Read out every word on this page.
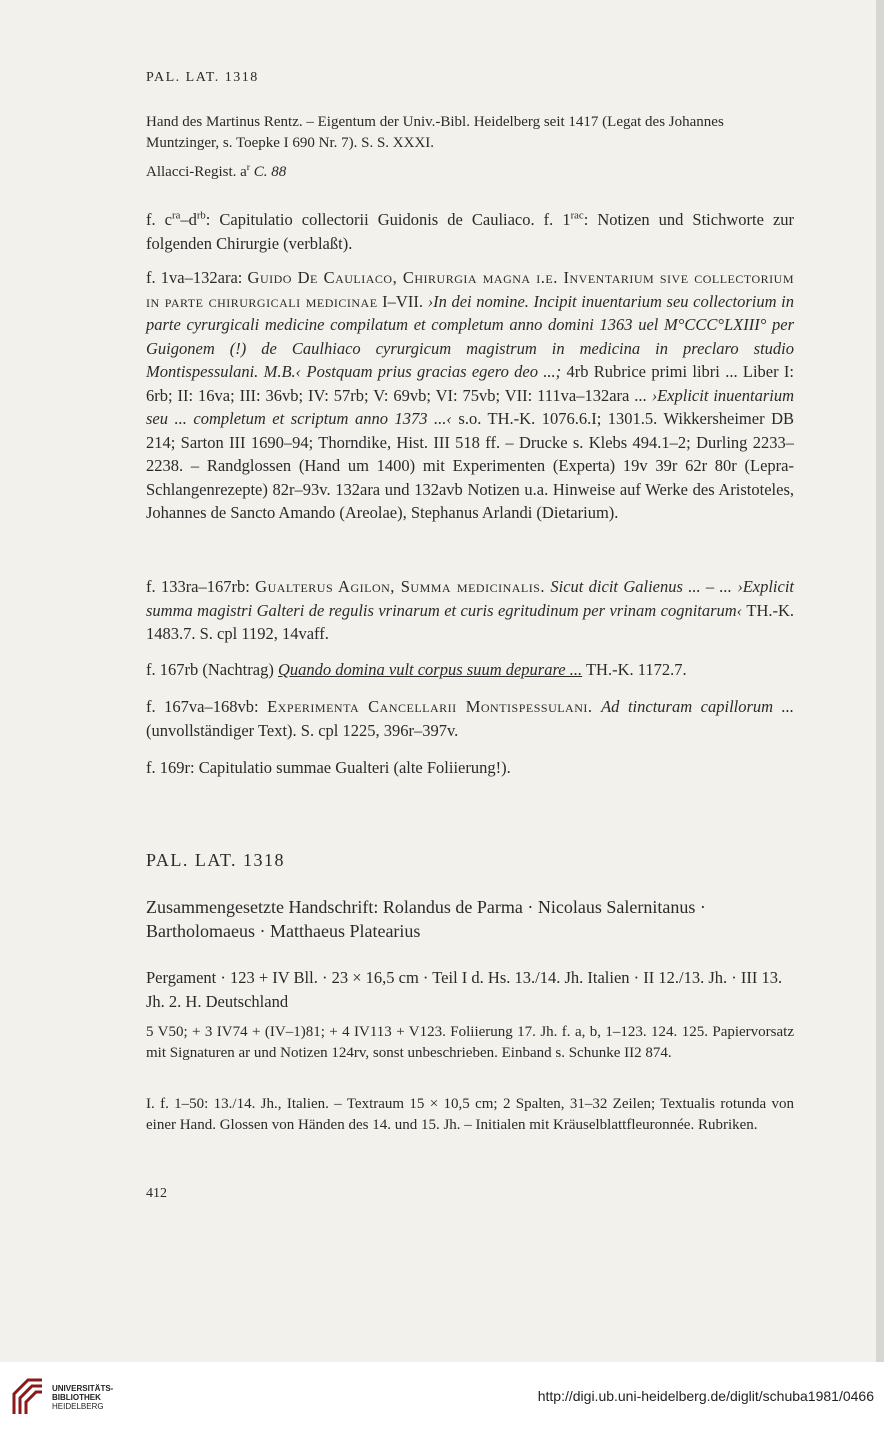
PAL. LAT. 1318
Hand des Martinus Rentz. – Eigentum der Univ.-Bibl. Heidelberg seit 1417 (Legat des Johannes Muntzinger, s. Toepke I 690 Nr. 7). S. S. XXXI.
Allacci-Regist. $a^r$ C. 88
f. $c^{ra}-d^{rb}$: Capitulatio collectorii Guidonis de Cauliaco. f. $1^{rac}$: Notizen und Stichworte zur folgenden Chirurgie (verblaßt).
f. 1va–132ara: Guido De Cauliaco, Chirurgia magna i.e. Inventarium sive collectorium in parte chirurgicali medicinae I–VII. ›In dei nomine. Incipit inuentarium seu collectorium in parte cyrurgicali medicine compilatum et completum anno domini 1363 uel M°CCC°LXIII° per Guigonem (!) de Caulhiaco cyrurgicum magistrum in medicina in preclaro studio Montispessulani. M.B.‹ Postquam prius gracias egero deo ...; 4rb Rubrice primi libri ... Liber I: 6rb; II: 16va; III: 36vb; IV: 57rb; V: 69vb; VI: 75vb; VII: 111va–132ara ... ›Explicit inuentarium seu ... completum et scriptum anno 1373 ...‹ s.o. TH.-K. 1076.6.I; 1301.5. Wikkersheimer DB 214; Sarton III 1690–94; Thorndike, Hist. III 518 ff. – Drucke s. Klebs 494.1–2; Durling 2233–2238. – Randglossen (Hand um 1400) mit Experimenten (Experta) 19v 39r 62r 80r (Lepra-Schlangenrezepte) 82r–93v. 132ara und 132avb Notizen u.a. Hinweise auf Werke des Aristoteles, Johannes de Sancto Amando (Areolae), Stephanus Arlandi (Dietarium).
f. 133ra–167rb: Gualterus Agilon, Summa medicinalis. Sicut dicit Galienus ... – ... ›Explicit summa magistri Galteri de regulis vrinarum et curis egritudinum per vrinam cognitarum‹ TH.-K. 1483.7. S. cpl 1192, 14vaff.
f. 167rb (Nachtrag) Quando domina vult corpus suum depurare ... TH.-K. 1172.7.
f. 167va–168vb: Experimenta Cancellarii Montispessulani. Ad tincturam capillorum ... (unvollständiger Text). S. cpl 1225, 396r–397v.
f. 169r: Capitulatio summae Gualteri (alte Foliierung!).
PAL. LAT. 1318
Zusammengesetzte Handschrift: Rolandus de Parma · Nicolaus Salernitanus · Bartholomaeus · Matthaeus Platearius
Pergament · 123 + IV Bll. · 23 × 16,5 cm · Teil I d. Hs. 13./14. Jh. Italien · II 12./13. Jh. · III 13. Jh. 2. H. Deutschland
5 V50; + 3 IV74 + (IV–1)81; + 4 IV113 + V123. Foliierung 17. Jh. f. a, b, 1–123. 124. 125. Papiervorsatz mit Signaturen ar und Notizen 124rv, sonst unbeschrieben. Einband s. Schunke II2 874.
I. f. 1–50: 13./14. Jh., Italien. – Textraum 15 × 10,5 cm; 2 Spalten, 31–32 Zeilen; Textualis rotunda von einer Hand. Glossen von Händen des 14. und 15. Jh. – Initialen mit Kräuselblattfleuronnée. Rubriken.
412
UNIVERSITÄTS-
BIBLIOTHEK
HEIDELBERG
http://digi.ub.uni-heidelberg.de/diglit/schuba1981/0466
